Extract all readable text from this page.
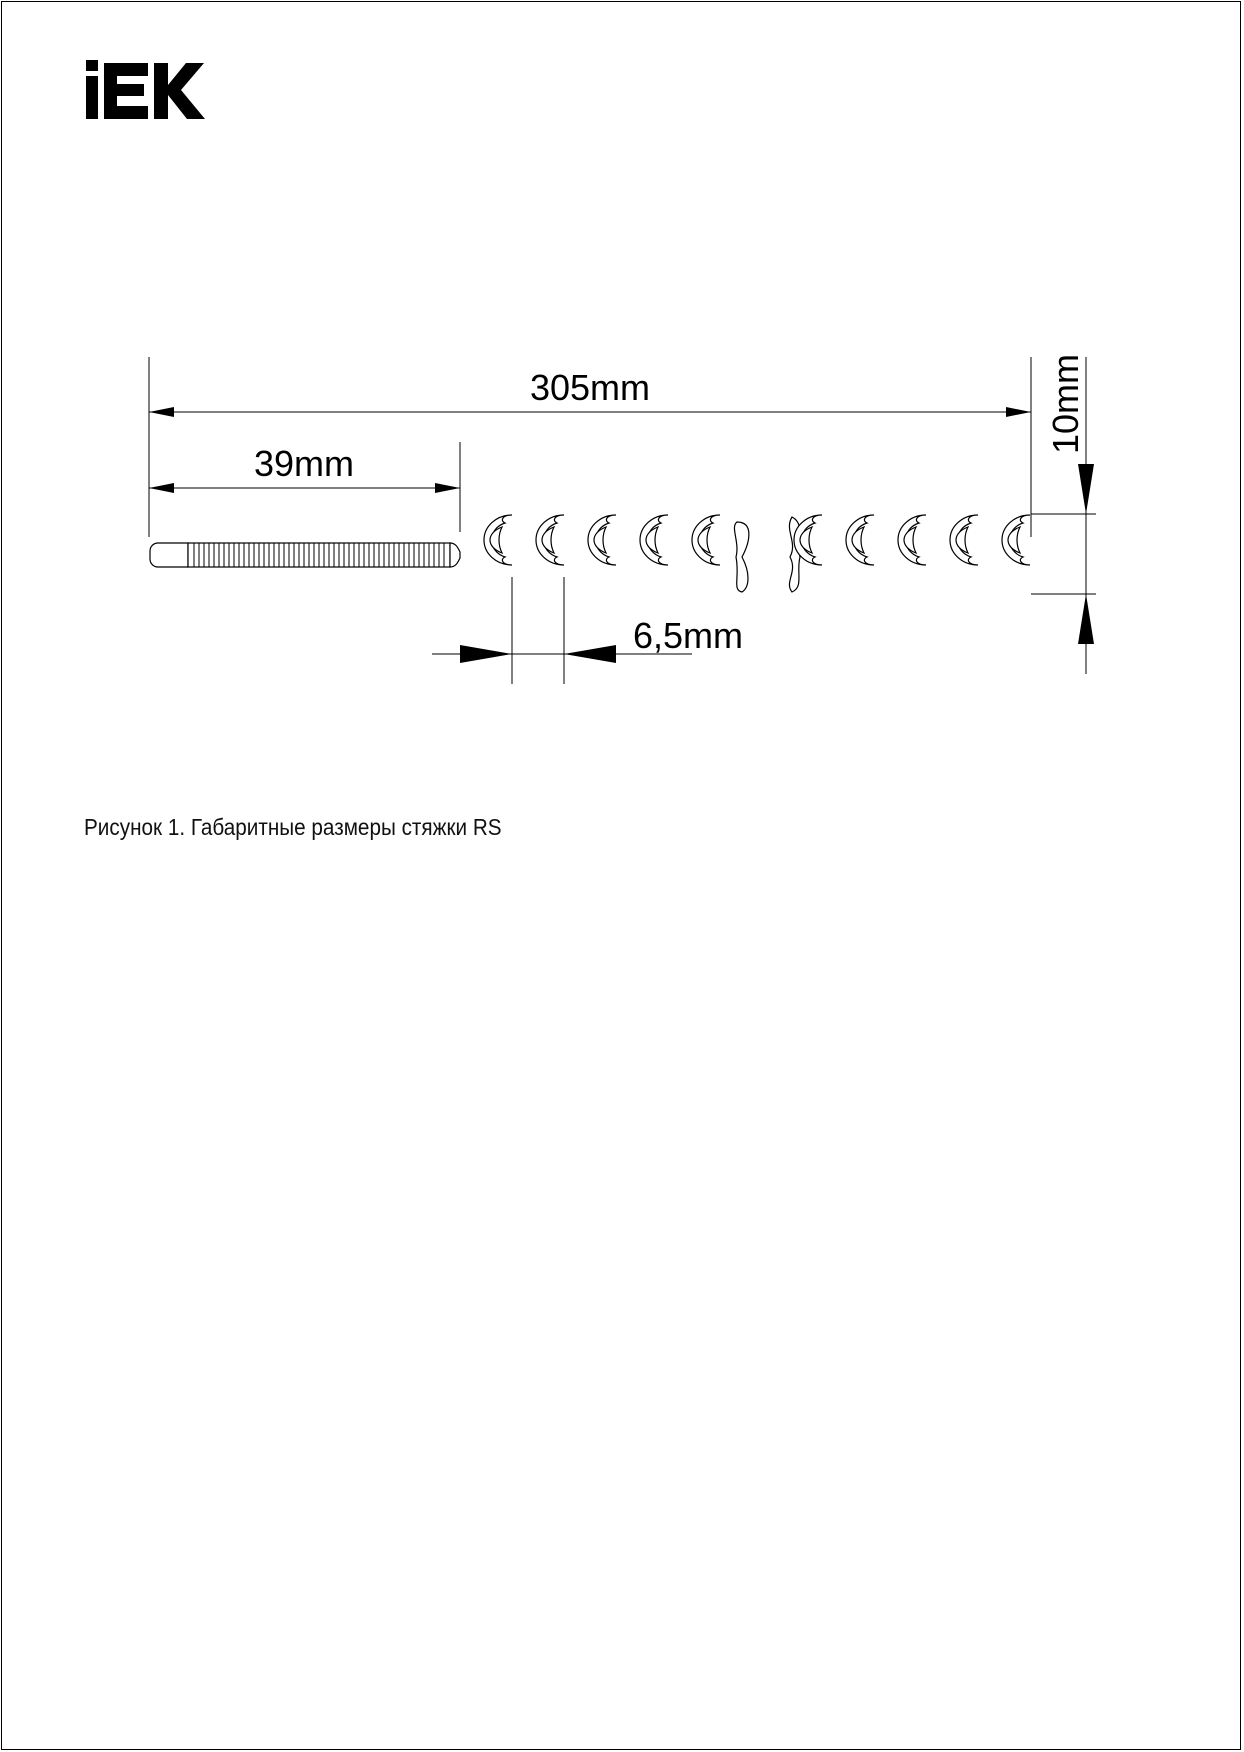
305mm
39mm
10mm
6,5mm
Рисунок 1. Габаритные размеры стяжки RS
